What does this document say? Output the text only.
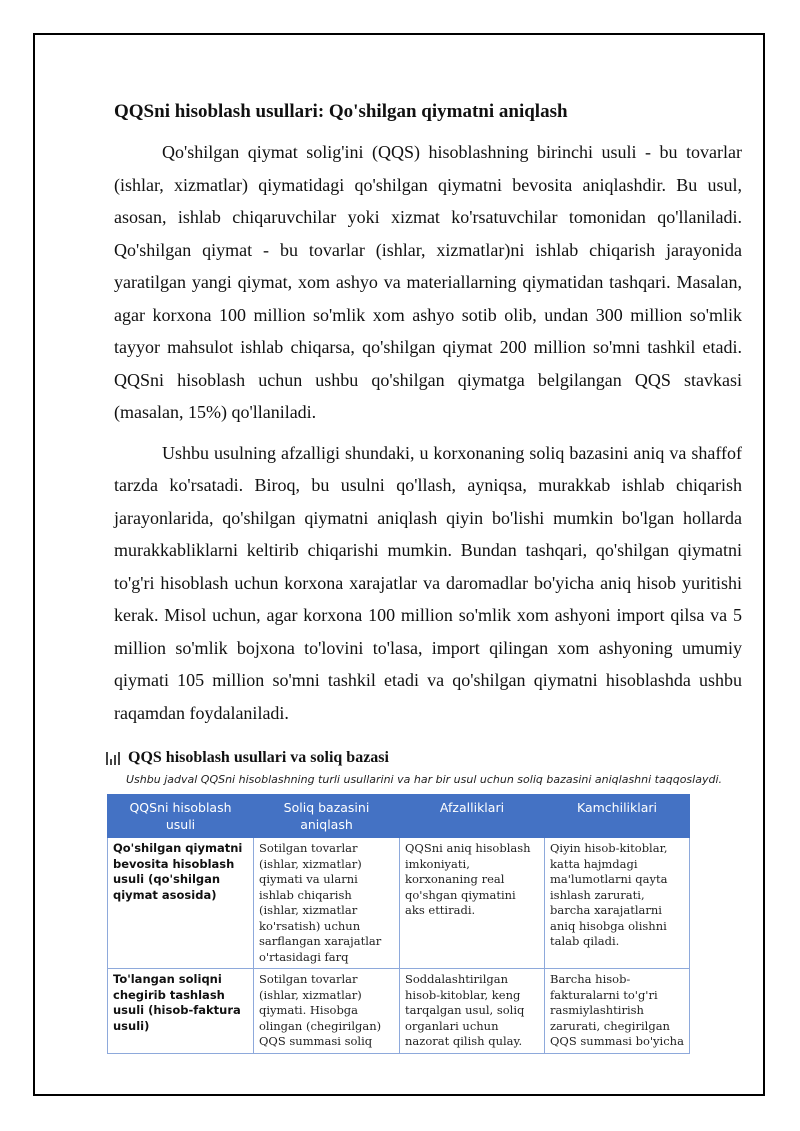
QQSni hisoblash usullari: Qo'shilgan qiymatni aniqlash

Qo'shilgan qiymat solig'ini (QQS) hisoblashning birinchi usuli - bu tovarlar (ishlar, xizmatlar) qiymatidagi qo'shilgan qiymatni bevosita aniqlashdir. Bu usul, asosan, ishlab chiqaruvchilar yoki xizmat ko'rsatuvchilar tomonidan qo'llaniladi. Qo'shilgan qiymat - bu tovarlar (ishlar, xizmatlar)ni ishlab chiqarish jarayonida yaratilgan yangi qiymat, xom ashyo va materiallarning qiymatidan tashqari. Masalan, agar korxona 100 million so'mlik xom ashyo sotib olib, undan 300 million so'mlik tayyor mahsulot ishlab chiqarsa, qo'shilgan qiymat 200 million so'mni tashkil etadi. QQSni hisoblash uchun ushbu qo'shilgan qiymatga belgilangan QQS stavkasi (masalan, 15%) qo'llaniladi.

Ushbu usulning afzalligi shundaki, u korxonaning soliq bazasini aniq va shaffof tarzda ko'rsatadi. Biroq, bu usulni qo'llash, ayniqsa, murakkab ishlab chiqarish jarayonlarida, qo'shilgan qiymatni aniqlash qiyin bo'lishi mumkin bo'lgan hollarda murakkabliklarni keltirib chiqarishi mumkin. Bundan tashqari, qo'shilgan qiymatni to'g'ri hisoblash uchun korxona xarajatlar va daromadlar bo'yicha aniq hisob yuritishi kerak. Misol uchun, agar korxona 100 million so'mlik xom ashyoni import qilsa va 5 million so'mlik bojxona to'lovini to'lasa, import qilingan xom ashyoning umumiy qiymati 105 million so'mni tashkil etadi va qo'shilgan qiymatni hisoblashda ushbu raqamdan foydalaniladi.

QQS hisoblash usullari va soliq bazasi
Ushbu jadval QQSni hisoblashning turli usullarini va har bir usul uchun soliq bazasini aniqlashni taqqoslaydi.
QQSni hisoblash usuli	Soliq bazasini aniqlash	Afzalliklari	Kamchiliklari

Qo'shilgan qiymatni bevosita hisoblash usuli (qo'shilgan qiymat asosida)	Sotilgan tovarlar (ishlar, xizmatlar) qiymati va ularni ishlab chiqarish (ishlar, xizmatlar ko'rsatish) uchun sarflangan xarajatlar o'rtasidagi farq	QQSni aniq hisoblash imkoniyati, korxonaning real qo'shgan qiymatini aks ettiradi.	Qiyin hisob-kitoblar, katta hajmdagi ma'lumotlarni qayta ishlash zarurati, barcha xarajatlarni aniq hisobga olishni talab qiladi.

To'langan soliqni chegirib tashlash usuli (hisob-faktura usuli)	Sotilgan tovarlar (ishlar, xizmatlar) qiymati. Hisobga olingan (chegirilgan) QQS summasi soliq	Soddalashtirilgan hisob-kitoblar, keng tarqalgan usul, soliq organlari uchun nazorat qilish qulay.	Barcha hisob-fakturalarni to'g'ri rasmiylashtirish zarurati, chegirilgan QQS summasi bo'yicha
